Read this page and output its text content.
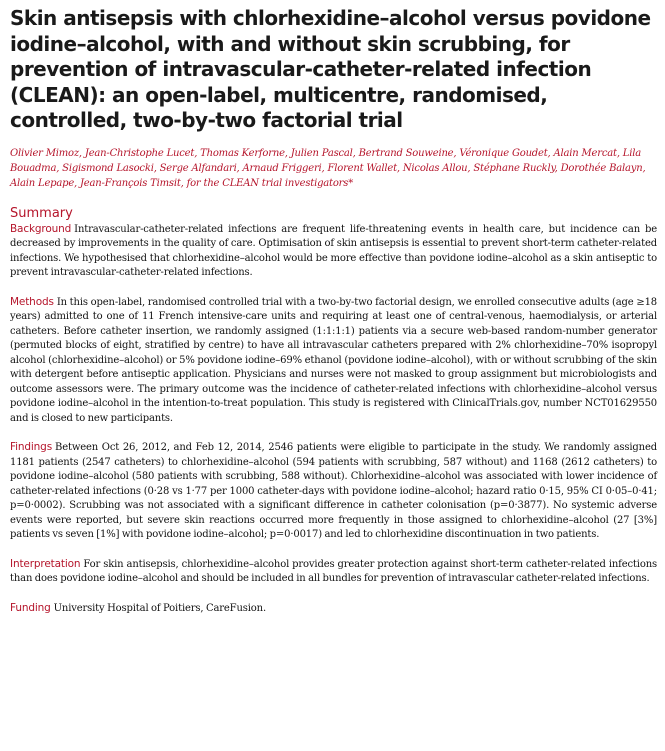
Skin antisepsis with chlorhexidine–alcohol versus povidone iodine–alcohol, with and without skin scrubbing, for prevention of intravascular-catheter-related infection (CLEAN): an open-label, multicentre, randomised, controlled, two-by-two factorial trial

Olivier Mimoz, Jean-Christophe Lucet, Thomas Kerforne, Julien Pascal, Bertrand Souweine, Véronique Goudet, Alain Mercat, Lila Bouadma, Sigismond Lasocki, Serge Alfandari, Arnaud Friggeri, Florent Wallet, Nicolas Allou, Stéphane Ruckly, Dorothée Balayn, Alain Lepape, Jean-François Timsit, for the CLEAN trial investigators*

Summary

Background Intravascular-catheter-related infections are frequent life-threatening events in health care, but incidence can be decreased by improvements in the quality of care. Optimisation of skin antisepsis is essential to prevent short-term catheter-related infections. We hypothesised that chlorhexidine–alcohol would be more effective than povidone iodine–alcohol as a skin antiseptic to prevent intravascular-catheter-related infections.

Methods In this open-label, randomised controlled trial with a two-by-two factorial design, we enrolled consecutive adults (age ≥18 years) admitted to one of 11 French intensive-care units and requiring at least one of central-venous, haemodialysis, or arterial catheters. Before catheter insertion, we randomly assigned (1:1:1:1) patients via a secure web-based random-number generator (permuted blocks of eight, stratified by centre) to have all intravascular catheters prepared with 2% chlorhexidine–70% isopropyl alcohol (chlorhexidine–alcohol) or 5% povidone iodine–69% ethanol (povidone iodine–alcohol), with or without scrubbing of the skin with detergent before antiseptic application. Physicians and nurses were not masked to group assignment but microbiologists and outcome assessors were. The primary outcome was the incidence of catheter-related infections with chlorhexidine–alcohol versus povidone iodine–alcohol in the intention-to-treat population. This study is registered with ClinicalTrials.gov, number NCT01629550 and is closed to new participants.

Findings Between Oct 26, 2012, and Feb 12, 2014, 2546 patients were eligible to participate in the study. We randomly assigned 1181 patients (2547 catheters) to chlorhexidine–alcohol (594 patients with scrubbing, 587 without) and 1168 (2612 catheters) to povidone iodine–alcohol (580 patients with scrubbing, 588 without). Chlorhexidine–alcohol was associated with lower incidence of catheter-related infections (0·28 vs 1·77 per 1000 catheter-days with povidone iodine–alcohol; hazard ratio 0·15, 95% CI 0·05–0·41; p=0·0002). Scrubbing was not associated with a significant difference in catheter colonisation (p=0·3877). No systemic adverse events were reported, but severe skin reactions occurred more frequently in those assigned to chlorhexidine–alcohol (27 [3%] patients vs seven [1%] with povidone iodine–alcohol; p=0·0017) and led to chlorhexidine discontinuation in two patients.

Interpretation For skin antisepsis, chlorhexidine–alcohol provides greater protection against short-term catheter-related infections than does povidone iodine–alcohol and should be included in all bundles for prevention of intravascular catheter-related infections.

Funding University Hospital of Poitiers, CareFusion.
